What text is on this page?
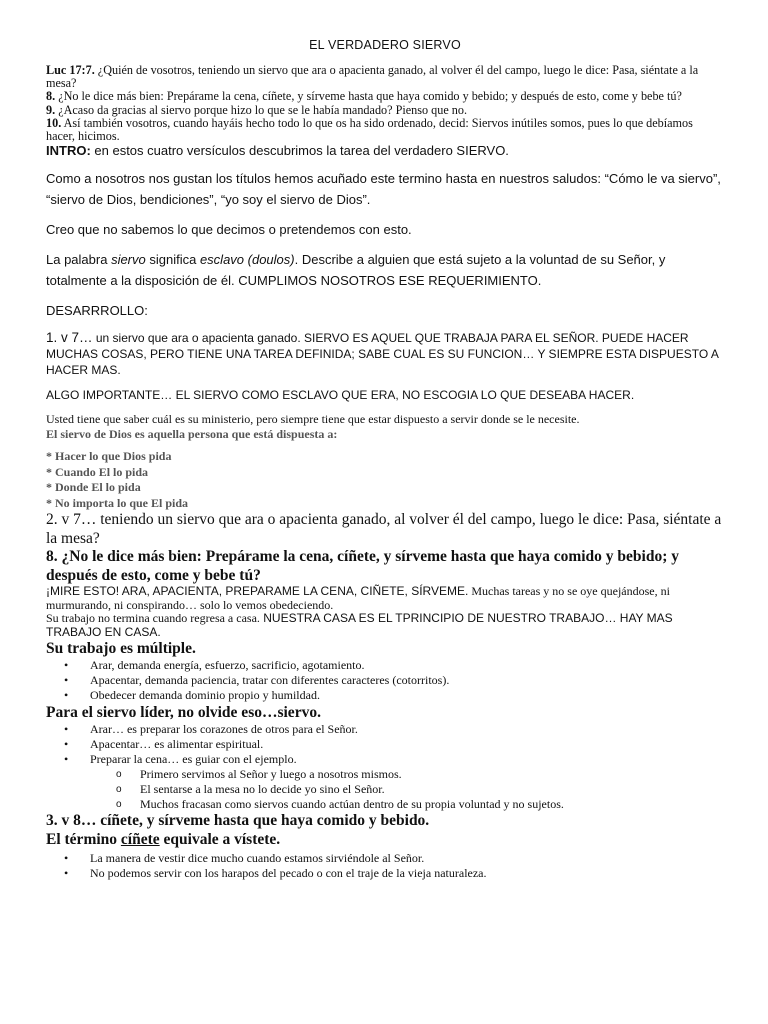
EL VERDADERO SIERVO

Luc 17:7. ¿Quién de vosotros, teniendo un siervo que ara o apacienta ganado, al volver él del campo, luego le dice: Pasa, siéntate a la mesa?

8. ¿No le dice más bien: Prepárame la cena, cíñete, y sírveme hasta que haya comido y bebido; y después de esto, come y bebe tú?

9. ¿Acaso da gracias al siervo porque hizo lo que se le había mandado? Pienso que no.

10. Así también vosotros, cuando hayáis hecho todo lo que os ha sido ordenado, decid: Siervos inútiles somos, pues lo que debíamos hacer, hicimos.

INTRO: en estos cuatro versículos descubrimos la tarea del verdadero SIERVO.

Como a nosotros nos gustan los títulos hemos acuñado este termino hasta en nuestros saludos: “Cómo le va siervo”, “siervo de Dios, bendiciones”, “yo soy el siervo de Dios”.

Creo que no sabemos lo que decimos o pretendemos con esto.

La palabra siervo significa esclavo (doulos). Describe a alguien que está sujeto a la voluntad de su Señor, y totalmente a la disposición de él. CUMPLIMOS NOSOTROS ESE REQUERIMIENTO.

DESARRROLLO:

1. v 7… un siervo que ara o apacienta ganado. SIERVO ES AQUEL QUE TRABAJA PARA EL SEÑOR. PUEDE HACER MUCHAS COSAS, PERO TIENE UNA TAREA DEFINIDA; SABE CUAL ES SU FUNCION… Y SIEMPRE ESTA DISPUESTO A HACER MAS.

ALGO IMPORTANTE… EL SIERVO COMO ESCLAVO QUE ERA, NO ESCOGIA LO QUE DESEABA HACER.

Usted tiene que saber cuál es su ministerio, pero siempre tiene que estar dispuesto a servir donde se le necesite.

El siervo de Dios es aquella persona que está dispuesta a:

* Hacer lo que Dios pida

* Cuando El lo pida

* Donde El lo pida

* No importa lo que El pida

2. v 7… teniendo un siervo que ara o apacienta ganado, al volver él del campo, luego le dice: Pasa, siéntate a la mesa?

8. ¿No le dice más bien: Prepárame la cena, cíñete, y sírveme hasta que haya comido y bebido; y después de esto, come y bebe tú?

¡MIRE ESTO! ARA, APACIENTA, PREPARAME LA CENA, CIÑETE, SÍRVEME. Muchas tareas y no se oye quejándose, ni murmurando, ni conspirando… solo lo vemos obedeciendo.

Su trabajo no termina cuando regresa a casa. NUESTRA CASA ES EL TPRINCIPIO DE NUESTRO TRABAJO… HAY MAS TRABAJO EN CASA.

Su trabajo es múltiple.

• Arar, demanda energía, esfuerzo, sacrificio, agotamiento.
• Apacentar, demanda paciencia, tratar con diferentes caracteres (cotorritos).
• Obedecer demanda dominio propio y humildad.

Para el siervo líder, no olvide eso…siervo.

• Arar… es preparar los corazones de otros para el Señor.
• Apacentar… es alimentar espiritual.
• Preparar la cena… es guiar con el ejemplo.
o Primero servimos al Señor y luego a nosotros mismos.
o El sentarse a la mesa no lo decide yo sino el Señor.
o Muchos fracasan como siervos cuando actúan dentro de su propia voluntad y no sujetos.

3. v 8… cíñete, y sírveme hasta que haya comido y bebido.

El término cíñete equivale a vístete.

• La manera de vestir dice mucho cuando estamos sirviéndole al Señor.
• No podemos servir con los harapos del pecado o con el traje de la vieja naturaleza.
